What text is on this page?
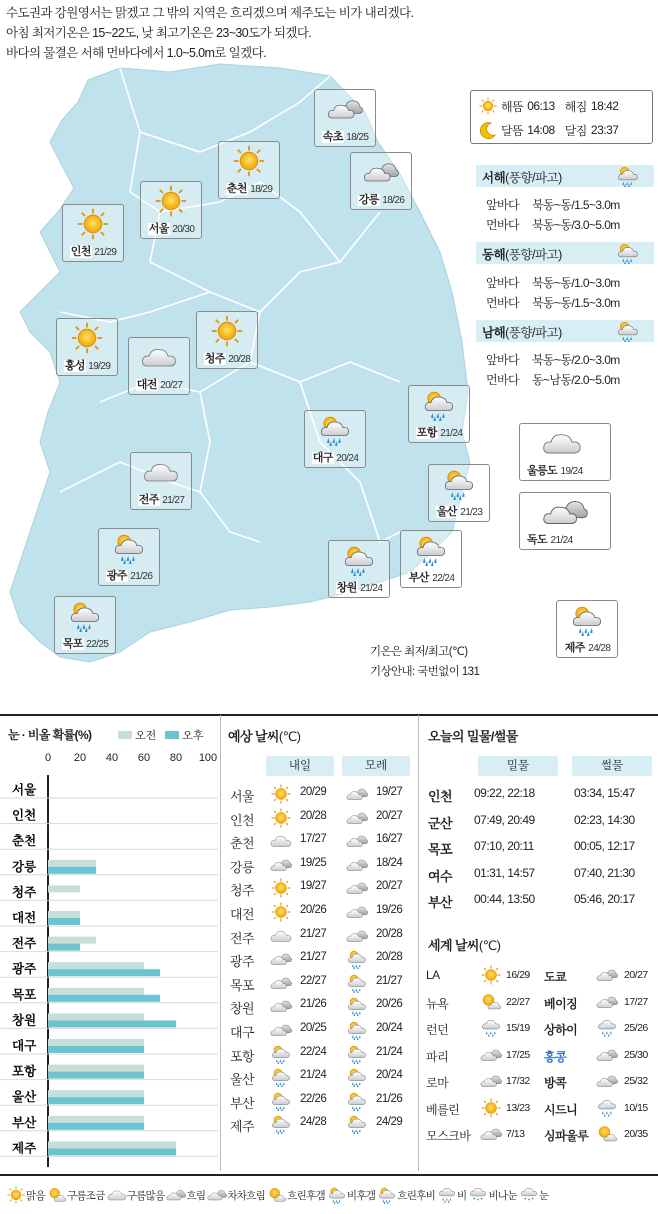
수도권과 강원영서는 맑겠고 그 밖의 지역은 흐리겠으며 제주도는 비가 내리겠다.
아침 최저기온은 15~22도, 낮 최고기온은 23~30도가 되겠다.
바다의 물결은 서해 먼바다에서 1.0~5.0m로 일겠다.
속초 18/25
춘천 18/29
서울 20/30
인천 21/29
강릉 18/26
홍성 19/29
청주 20/28
대전 20/27
포항 21/24
대구 20/24
전주 21/27
울산 21/23
광주 21/26
창원 21/24
부산 22/24
목포 22/25	제주 24/28
울릉도 19/24
독도 21/24
해뜸 06:13 해짐 18:42
달뜸 14:08 달짐 23:37
서해(풍향/파고)
앞바다 북동~동/1.5~3.0m
먼바다 북동~동/3.0~5.0m
동해(풍향/파고)
앞바다 북동~동/1.0~3.0m
먼바다 북동~동/1.5~3.0m
남해(풍향/파고)
앞바다 북동~동/2.0~3.0m
먼바다 동~남동/2.0~5.0m
기온은 최저/최고(℃)
기상안내: 국번없이 131
눈 · 비올 확률(%)	오전 오후
0	20	40	60	80	100
서울
인천
춘천
강릉
청주
대전
전주
광주
목포
창원
대구
포항
울산
부산
제주
예상 날씨(℃)
내일	모레
서울	20/29	19/27
인천	20/28	20/27
춘천	17/27	16/27
강릉	19/25	18/24
청주	19/27	20/27
대전	20/26	19/26
전주	21/27	20/28
광주	21/27	20/28
목포	22/27	21/27
창원	21/26	20/26
대구	20/25	20/24
포항	22/24	21/24
울산	21/24	20/24
부산	22/26	21/26
제주	24/28	24/29
오늘의 밀물/썰물
밀물	썰물
인천 09:22, 22:18	03:34, 15:47
군산 07:49, 20:49	02:23, 14:30
목포 07:10, 20:11	00:05, 12:17
여수 01:31, 14:57	07:40, 21:30
부산 00:44, 13:50	05:46, 20:17
세계 날씨(℃)
LA	16/29 도쿄	20/27
뉴욕	22/27 베이징	17/27
런던	15/19 상하이	25/26
파리	17/25 홍콩	25/30
로마	17/32 방콕	25/32
베를린	13/23 시드니	10/15
모스크바	7/13 싱파울루	20/35
맑음 구름조금 구름많음 흐림 차차흐림 흐린후갬 비후갬 흐린후비 비 비나눈 눈
